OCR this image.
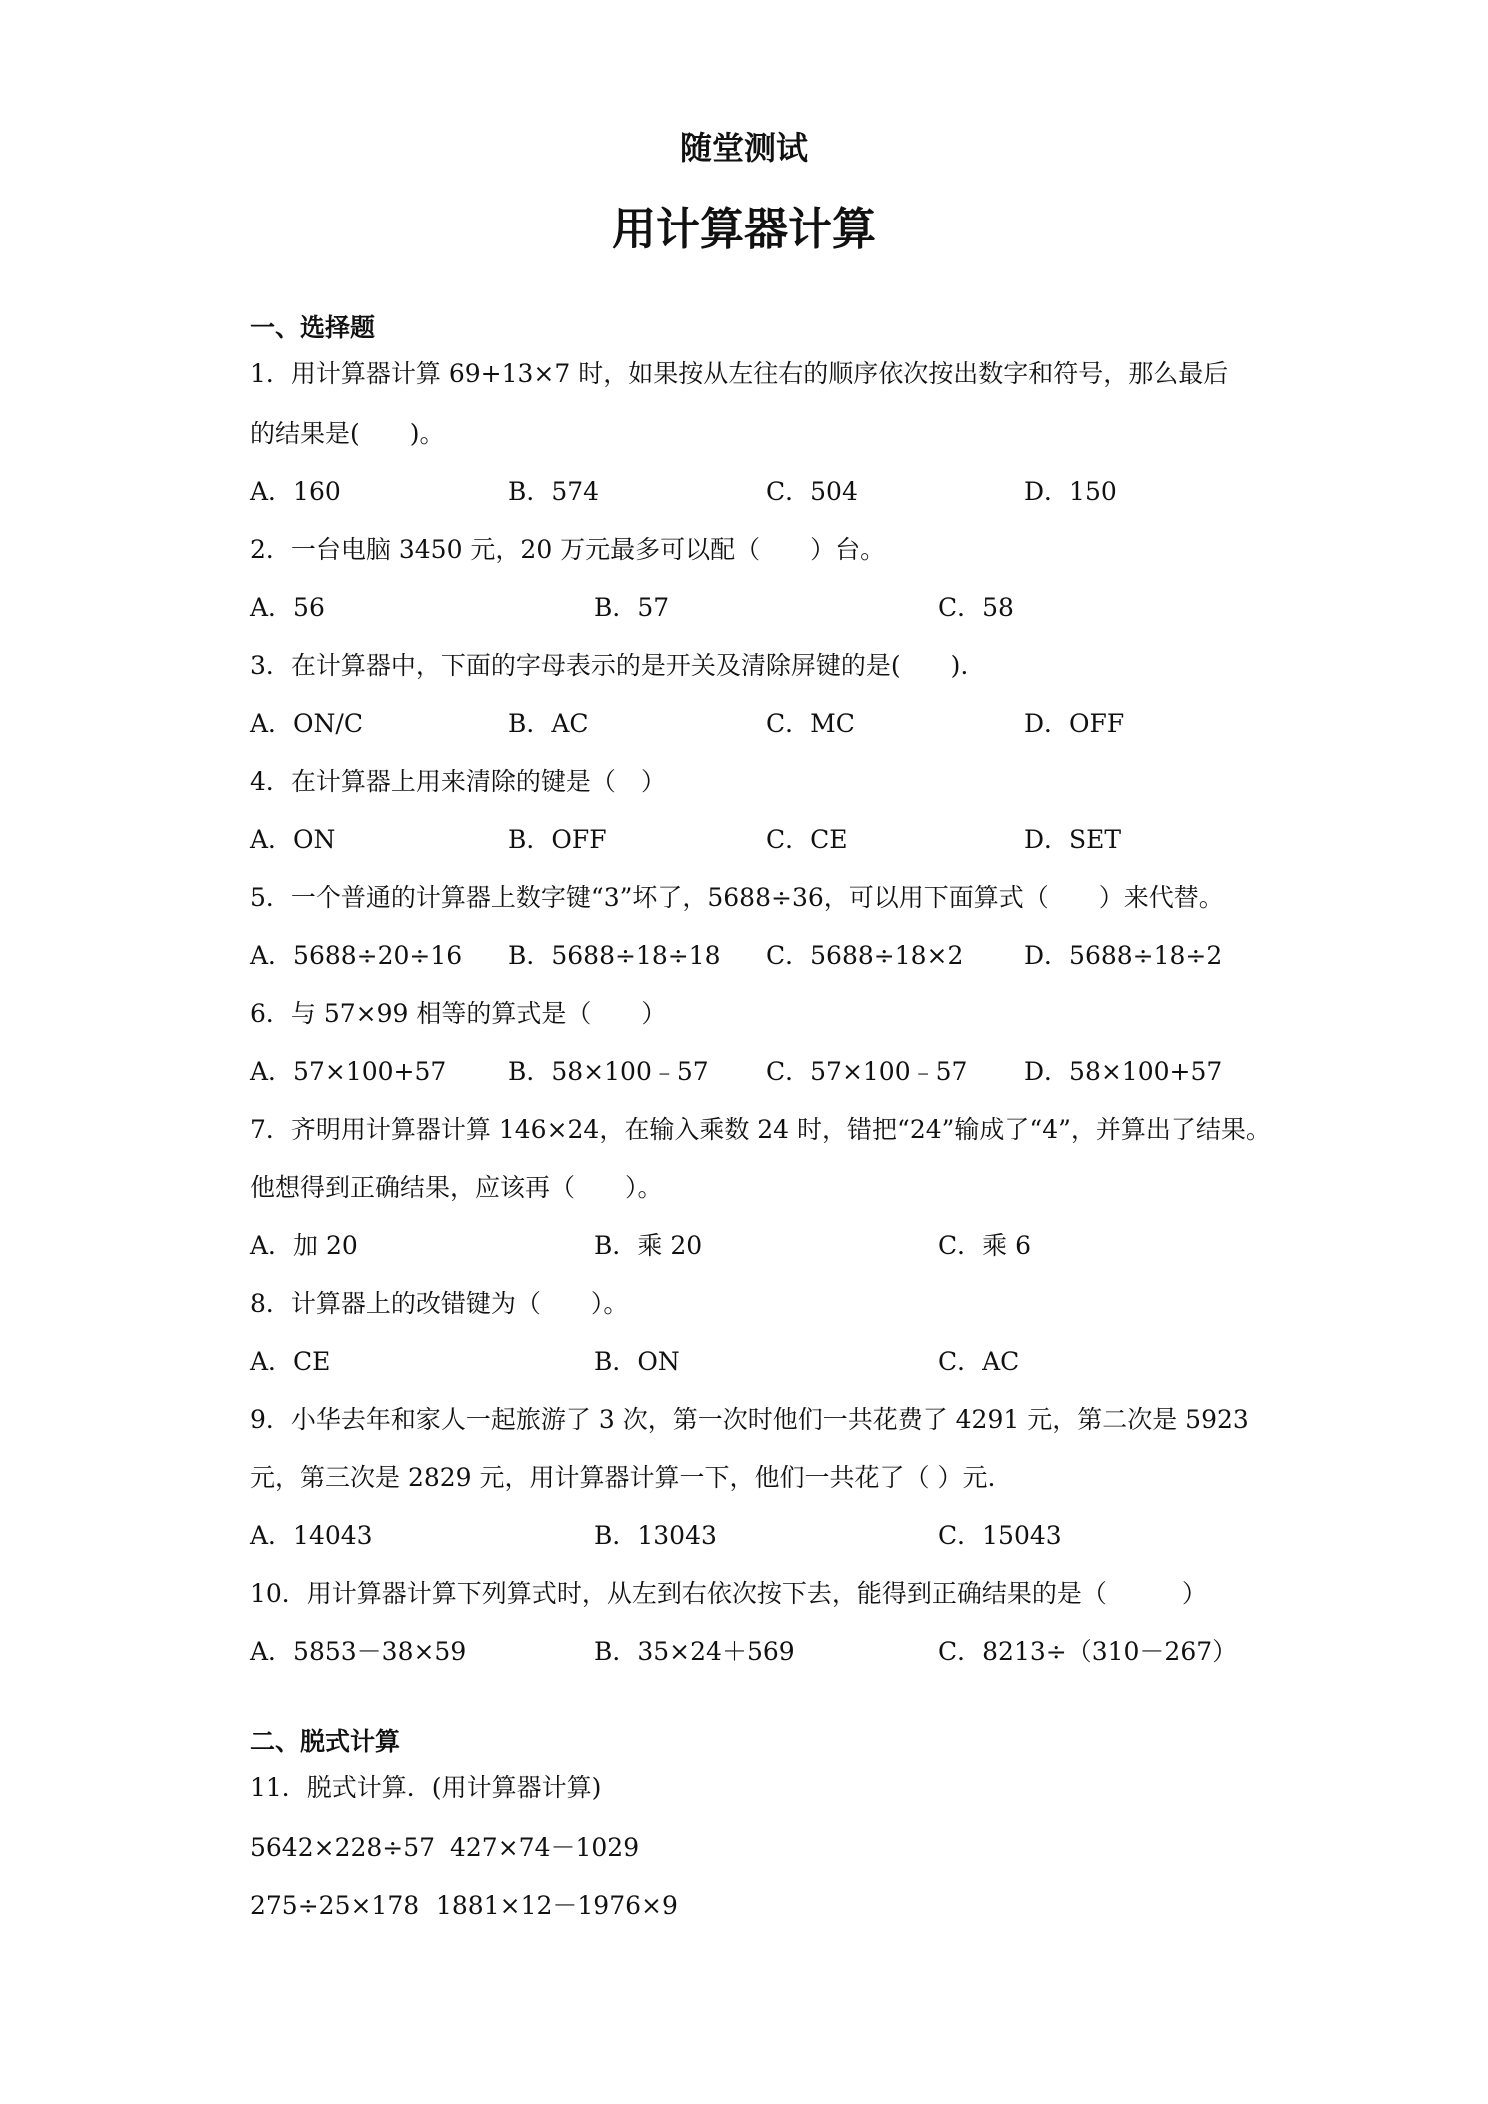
随堂测试
用计算器计算
一、选择题
1．用计算器计算 69+13×7 时，如果按从左往右的顺序依次按出数字和符号，那么最后
的结果是(　　)。
A．160	B．574	C．504	D．150
2．一台电脑 3450 元，20 万元最多可以配（　　）台。
A．56	B．57	C．58
3．在计算器中，下面的字母表示的是开关及清除屏键的是(　　).
A．ON/C	B．AC	C．MC	D．OFF
4．在计算器上用来清除的键是（　）
A．ON	B．OFF	C．CE	D．SET
5．一个普通的计算器上数字键“3”坏了，5688÷36，可以用下面算式（　　）来代替。
A．5688÷20÷16 B．5688÷18÷18 C．5688÷18×2 D．5688÷18÷2
6．与 57×99 相等的算式是（　　）
A．57×100+57 B．58×100﹣57 C．57×100﹣57 D．58×100+57
7．齐明用计算器计算 146×24，在输入乘数 24 时，错把“24”输成了“4”，并算出了结果。
他想得到正确结果，应该再（　　）。
A．加 20	B．乘 20	C．乘 6
8．计算器上的改错键为（　　）。
A．CE	B．ON	C．AC
9．小华去年和家人一起旅游了 3 次，第一次时他们一共花费了 4291 元，第二次是 5923
元，第三次是 2829 元，用计算器计算一下，他们一共花了（ ）元.
A．14043	B．13043	C．15043
10．用计算器计算下列算式时，从左到右依次按下去，能得到正确结果的是（　　　）
A．5853－38×59	B．35×24＋569	C．8213÷（310－267）
二、脱式计算
11．脱式计算．(用计算器计算)
5642×228÷57 427×74－1029
275÷25×178 1881×12－1976×9
